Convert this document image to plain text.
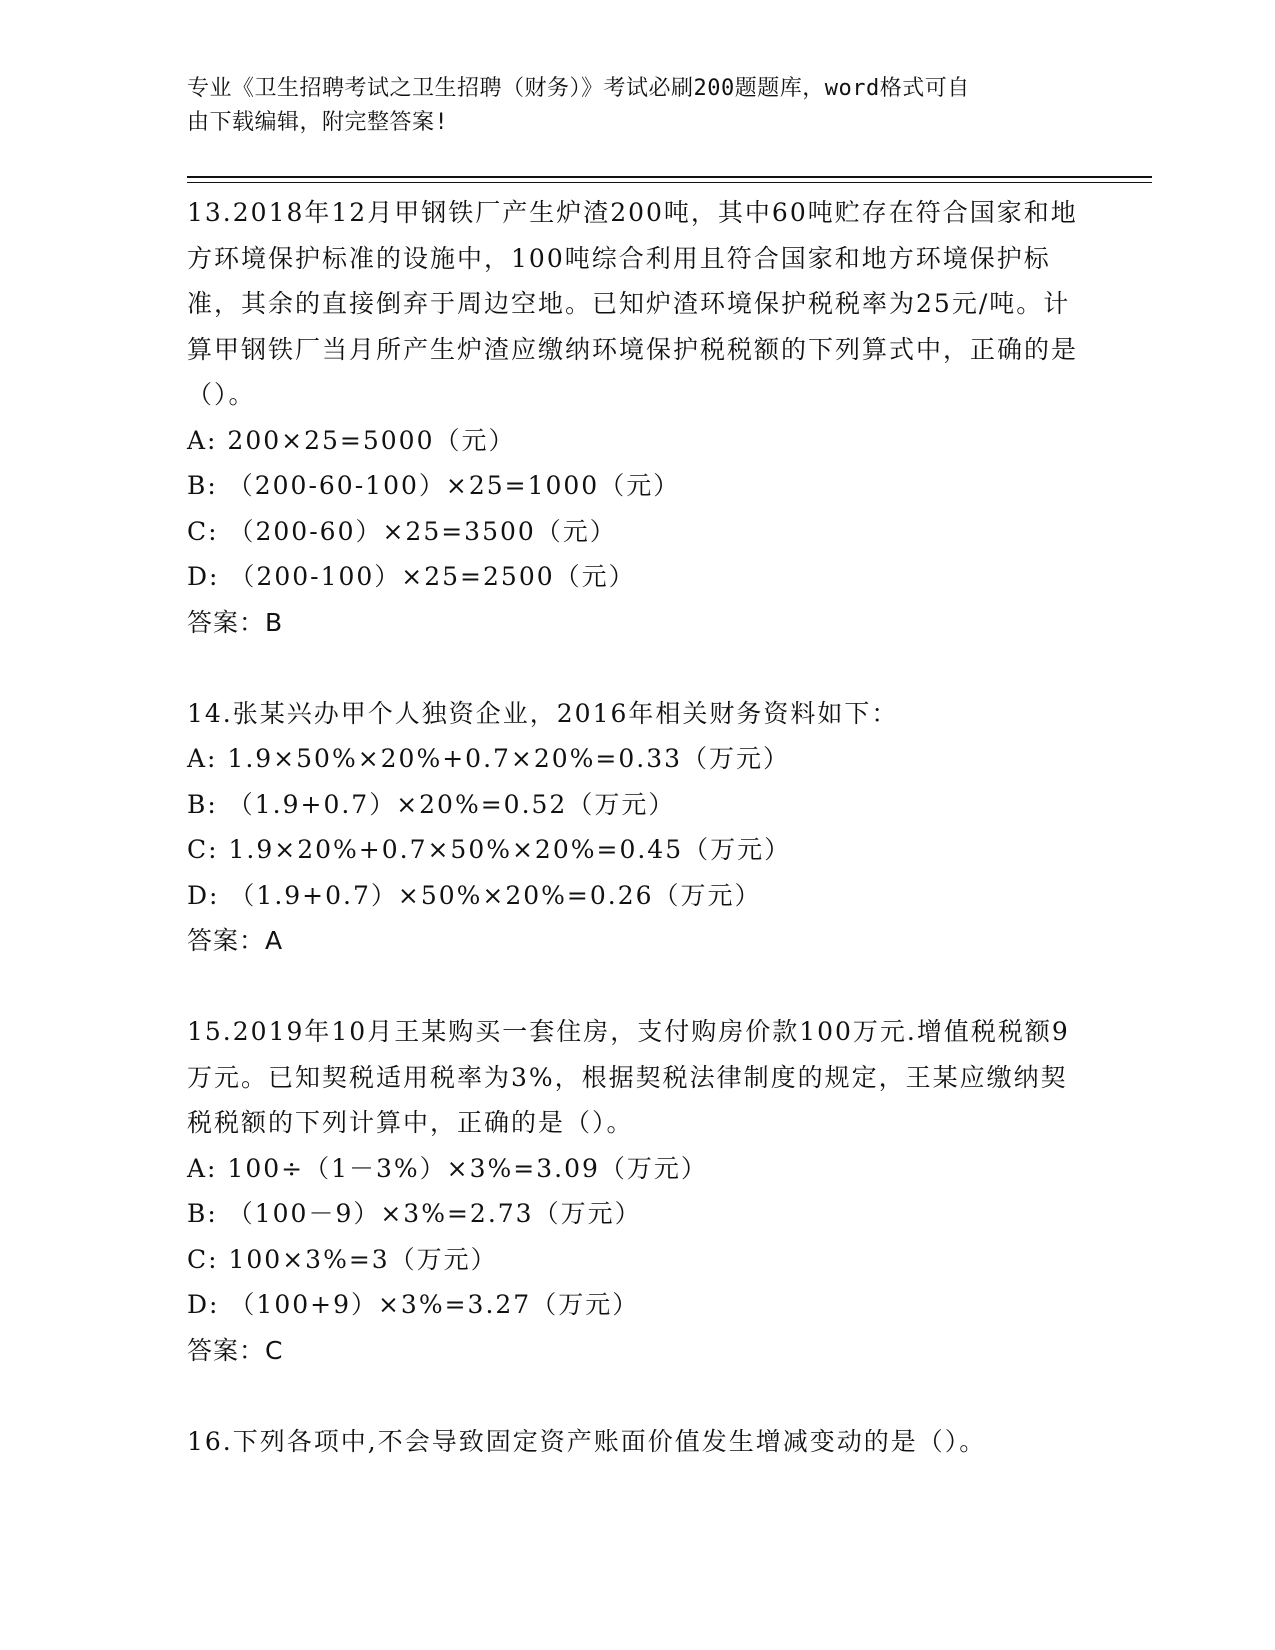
专业《卫生招聘考试之卫生招聘（财务）》考试必刷200题题库，word格式可自
由下载编辑，附完整答案!

13.2018年12月甲钢铁厂产生炉渣200吨，其中60吨贮存在符合国家和地方环境保护标准的设施中，100吨综合利用且符合国家和地方环境保护标准，其余的直接倒弃于周边空地。已知炉渣环境保护税税率为25元/吨。计算甲钢铁厂当月所产生炉渣应缴纳环境保护税税额的下列算式中，正确的是（）。

A: 200×25=5000（元）

B: （200-60-100）×25=1000（元）

C: （200-60）×25=3500（元）

D: （200-100）×25=2500（元）

答案：B

14.张某兴办甲个人独资企业，2016年相关财务资料如下：

A: 1.9×50%×20%+0.7×20%=0.33（万元）

B: （1.9+0.7）×20%=0.52（万元）

C: 1.9×20%+0.7×50%×20%=0.45（万元）

D: （1.9+0.7）×50%×20%=0.26（万元）

答案：A

15.2019年10月王某购买一套住房，支付购房价款100万元.增值税税额9万元。已知契税适用税率为3%，根据契税法律制度的规定，王某应缴纳契税税额的下列计算中，正确的是（）。

A: 100÷（1－3%）×3%=3.09（万元）

B: （100－9）×3%=2.73（万元）

C: 100×3%=3（万元）

D: （100+9）×3%=3.27（万元）

答案：C

16.下列各项中,不会导致固定资产账面价值发生增减变动的是（）。
